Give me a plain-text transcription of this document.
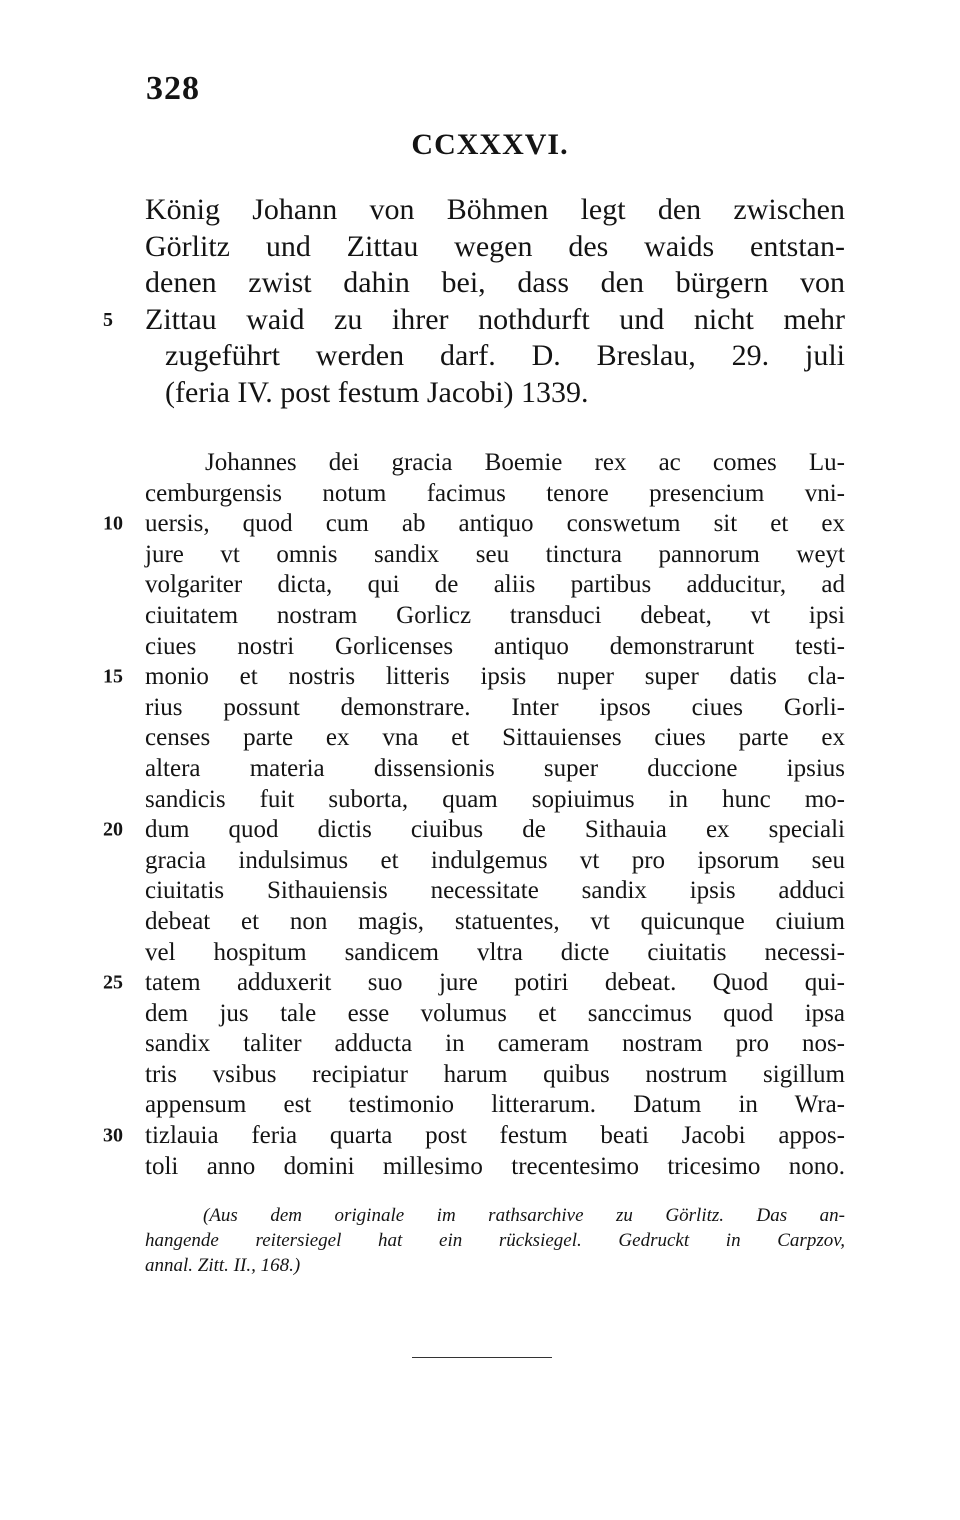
328
CCXXXVI.
König Johann von Böhmen legt den zwischen
Görlitz und Zittau wegen des waids entstan-
denen zwist dahin bei, dass den bürgern von
5 Zittau waid zu ihrer nothdurft und nicht mehr
zugeführt werden darf. D. Breslau, 29. juli
(feria IV. post festum Jacobi) 1339.
Johannes dei gracia Boemie rex ac comes Lu-
cemburgensis notum facimus tenore presencium vni-
10 uersis, quod cum ab antiquo conswetum sit et ex
jure vt omnis sandix seu tinctura pannorum weyt
volgariter dicta, qui de aliis partibus adducitur, ad
ciuitatem nostram Gorlicz transduci debeat, vt ipsi
ciues nostri Gorlicenses antiquo demonstrarunt testi-
15 monio et nostris litteris ipsis nuper super datis cla-
rius possunt demonstrare. Inter ipsos ciues Gorli-
censes parte ex vna et Sittauienses ciues parte ex
altera materia dissensionis super duccione ipsius
sandicis fuit suborta, quam sopiuimus in hunc mo-
20 dum quod dictis ciuibus de Sithauia ex speciali
gracia indulsimus et indulgemus vt pro ipsorum seu
ciuitatis Sithauiensis necessitate sandix ipsis adduci
debeat et non magis, statuentes, vt quicunque ciuium
vel hospitum sandicem vltra dicte ciuitatis necessi-
25 tatem adduxerit suo jure potiri debeat. Quod qui-
dem jus tale esse volumus et sanccimus quod ipsa
sandix taliter adducta in cameram nostram pro nos-
tris vsibus recipiatur harum quibus nostrum sigillum
appensum est testimonio litterarum. Datum in Wra-
30 tizlauia feria quarta post festum beati Jacobi appos-
toli anno domini millesimo trecentesimo tricesimo nono.
(Aus dem originale im rathsarchive zu Görlitz. Das an-
hangende reitersiegel hat ein rücksiegel. Gedruckt in Carpzov,
annal. Zitt. II., 168.)
